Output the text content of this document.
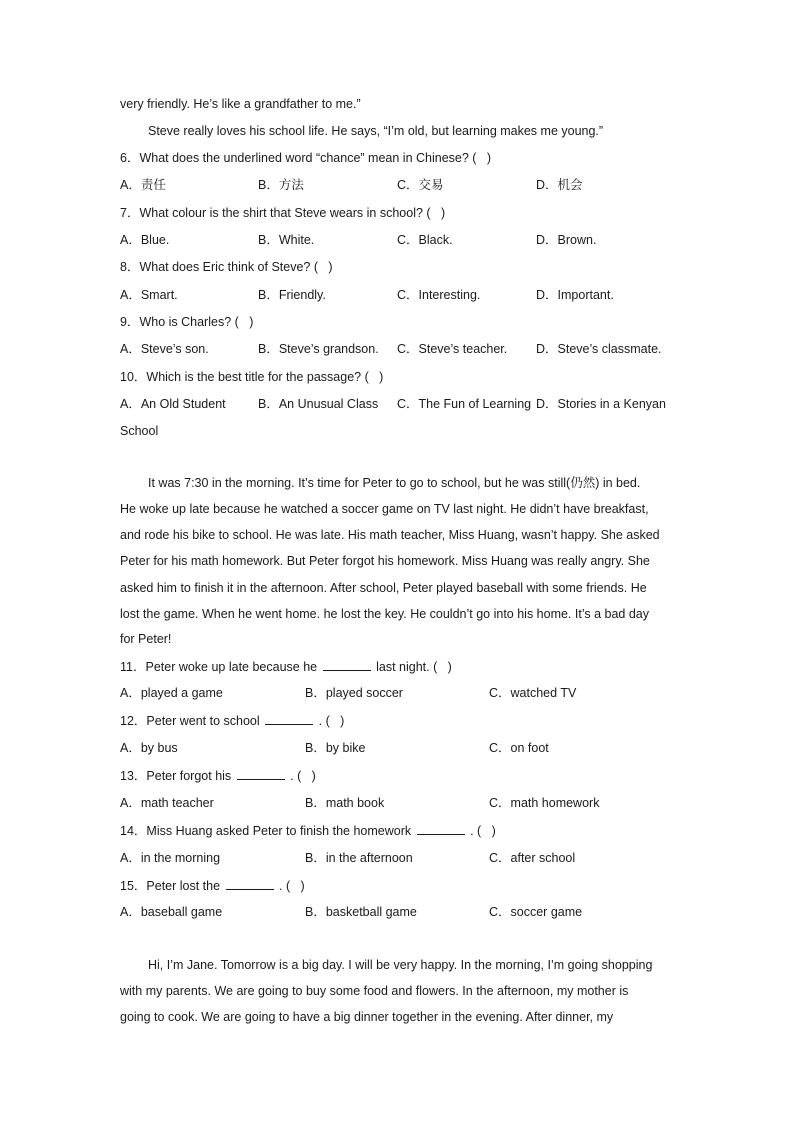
very friendly. He’s like a grandfather to me.”
Steve really loves his school life. He says, “I’m old, but learning makes me young.”
6．What does the underlined word “chance” mean in Chinese? (   )
A．责任	B．方法	C．交易	D．机会
7．What colour is the shirt that Steve wears in school? (   )
A．Blue.	B．White.	C．Black.	D．Brown.
8．What does Eric think of Steve? (   )
A．Smart.	B．Friendly.	C．Interesting.	D．Important.
9．Who is Charles? (   )
A．Steve’s son.	B．Steve’s grandson. C．Steve’s teacher. D．Steve’s classmate.
10．Which is the best title for the passage? (   )
A．An Old Student	B．An Unusual Class C．The Fun of Learning D．Stories in a Kenyan
School
It was 7:30 in the morning. It’s time for Peter to go to school, but he was still(仍然) in bed.
He woke up late because he watched a soccer game on TV last night. He didn’t have breakfast,
and rode his bike to school. He was late. His math teacher, Miss Huang, wasn’t happy. She asked
Peter for his math homework. But Peter forgot his homework. Miss Huang was really angry. She
asked him to finish it in the afternoon. After school, Peter played baseball with some friends. He
lost the game. When he went home. he lost the key. He couldn’t go into his home. It’s a bad day
for Peter!
11．Peter woke up late because he	last night. (   )
A．played a game	B．played soccer	C．watched TV
12．Peter went to school	. (   )
A．by bus	B．by bike	C．on foot
13．Peter forgot his	. (   )
A．math teacher	B．math book	C．math homework
14．Miss Huang asked Peter to finish the homework	. (   )
A．in the morning	B．in the afternoon	C．after school
15．Peter lost the	. (   )
A．baseball game	B．basketball game	C．soccer game
Hi, I’m Jane. Tomorrow is a big day. I will be very happy. In the morning, I’m going shopping
with my parents. We are going to buy some food and flowers. In the afternoon, my mother is
going to cook. We are going to have a big dinner together in the evening. After dinner, my
